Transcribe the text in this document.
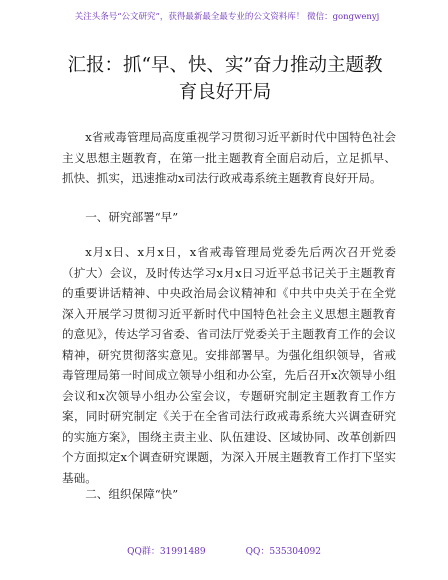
关注头条号“公文研究”，获得最新最全最专业的公文资料库！ 微信：gongwenyj
汇报：抓“早、快、实”奋力推动主题教育良好开局

x省戒毒管理局高度重视学习贯彻习近平新时代中国特色社会主义思想主题教育，在第一批主题教育全面启动后，立足抓早、抓快、抓实，迅速推动x司法行政戒毒系统主题教育良好开局。

一、研究部署“早”

x月x日、x月x日，x省戒毒管理局党委先后两次召开党委（扩大）会议，及时传达学习x月x日习近平总书记关于主题教育的重要讲话精神、中央政治局会议精神和《中共中央关于在全党深入开展学习贯彻习近平新时代中国特色社会主义思想主题教育的意见》，传达学习省委、省司法厅党委关于主题教育工作的会议精神，研究贯彻落实意见。安排部署早。为强化组织领导，省戒毒管理局第一时间成立领导小组和办公室，先后召开x次领导小组会议和x次领导小组办公室会议，专题研究制定主题教育工作方案，同时研究制定《关于在全省司法行政戒毒系统大兴调查研究的实施方案》，围绕主责主业、队伍建设、区域协同、改革创新四个方面拟定x个调查研究课题，为深入开展主题教育工作打下坚实基础。

二、组织保障“快”

QQ群：31991489	QQ：535304092
